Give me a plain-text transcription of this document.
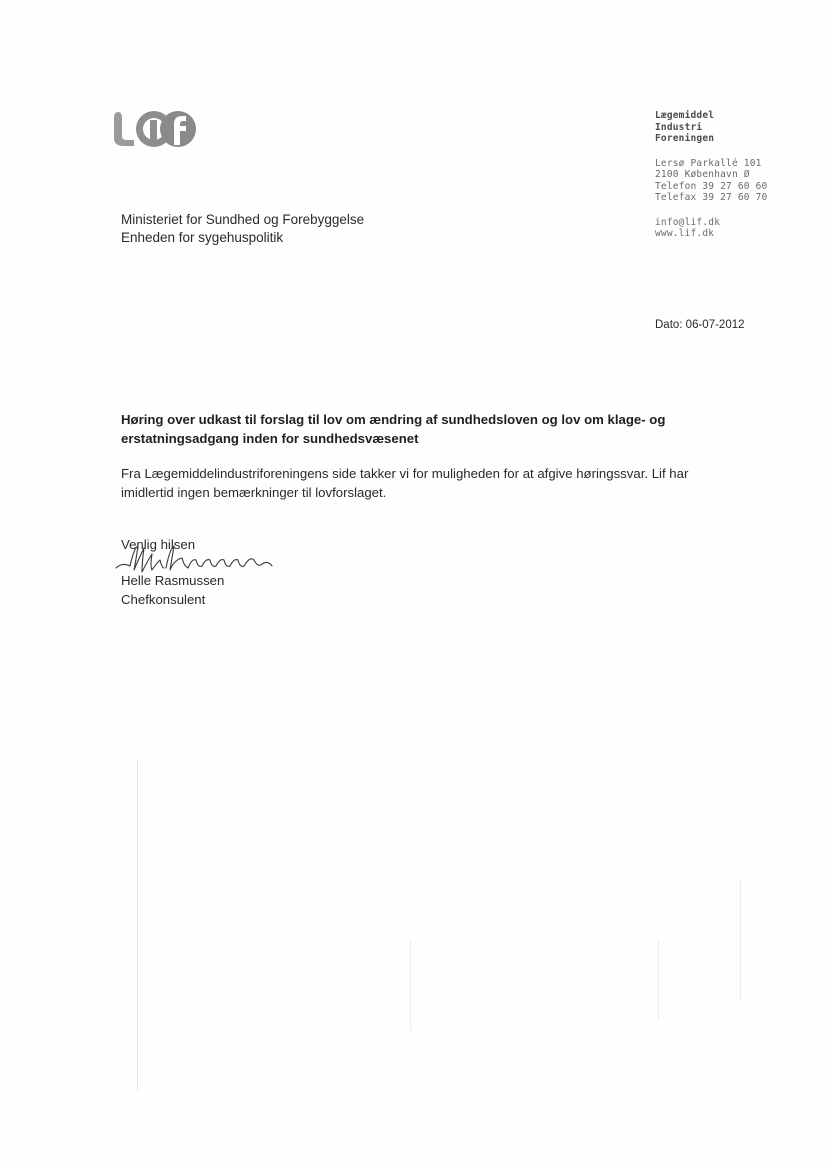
Lægemiddel
Industri
Foreningen
Lersø Parkallé 101
2100 København Ø
Telefon 39 27 60 60
Telefax 39 27 60 70
info@lif.dk
www.lif.dk
Ministeriet for Sundhed og Forebyggelse
Enheden for sygehuspolitik
Dato: 06-07-2012
Høring over udkast til forslag til lov om ændring af sundhedsloven og lov om klage- og erstatningsadgang inden for sundhedsvæsenet
Fra Lægemiddelindustriforeningens side takker vi for muligheden for at afgive høringssvar. Lif har imidlertid ingen bemærkninger til lovforslaget.
Venlig hilsen
Helle Rasmussen
Chefkonsulent
